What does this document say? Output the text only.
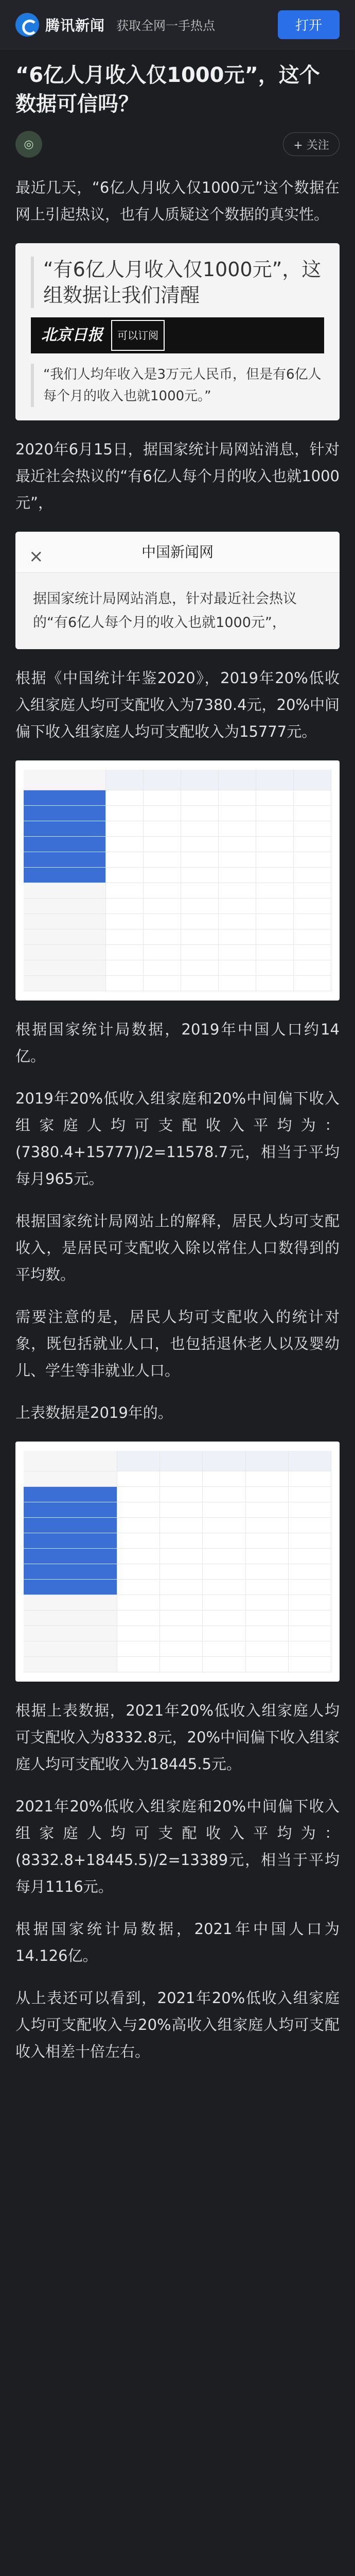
腾讯新闻 获取全网一手热点	打开
“6亿人月收入仅1000元”，这个数据可信吗？
◎	+ 关注

最近几天，“6亿人月收入仅1000元”这个数据在网上引起热议，也有人质疑这个数据的真实性。

“有6亿人月收入仅1000元”，这组数据让我们清醒
北京日报	可以订阅
“我们人均年收入是3万元人民币，但是有6亿人每个月的收入也就1000元。”

2020年6月15日，据国家统计局网站消息，针对最近社会热议的“有6亿人每个月的收入也就1000元”，

×	中国新闻网
据国家统计局网站消息，针对最近社会热议的“有6亿人每个月的收入也就1000元”，

根据《中国统计年鉴2020》，2019年20%低收入组家庭人均可支配收入为7380.4元，20%中间偏下收入组家庭人均可支配收入为15777元。

根据国家统计局数据，2019年中国人口约14亿。

2019年20%低收入组家庭和20%中间偏下收入组家庭人均可支配收入平均为：(7380.4+15777)/2=11578.7元，相当于平均每月965元。

根据国家统计局网站上的解释，居民人均可支配收入，是居民可支配收入除以常住人口数得到的平均数。

需要注意的是，居民人均可支配收入的统计对象，既包括就业人口，也包括退休老人以及婴幼儿、学生等非就业人口。

上表数据是2019年的。

根据上表数据，2021年20%低收入组家庭人均可支配收入为8332.8元，20%中间偏下收入组家庭人均可支配收入为18445.5元。

2021年20%低收入组家庭和20%中间偏下收入组家庭人均可支配收入平均为：(8332.8+18445.5)/2=13389元，相当于平均每月1116元。

根据国家统计局数据，2021年中国人口为14.126亿。

从上表还可以看到，2021年20%低收入组家庭人均可支配收入与20%高收入组家庭人均可支配收入相差十倍左右。
